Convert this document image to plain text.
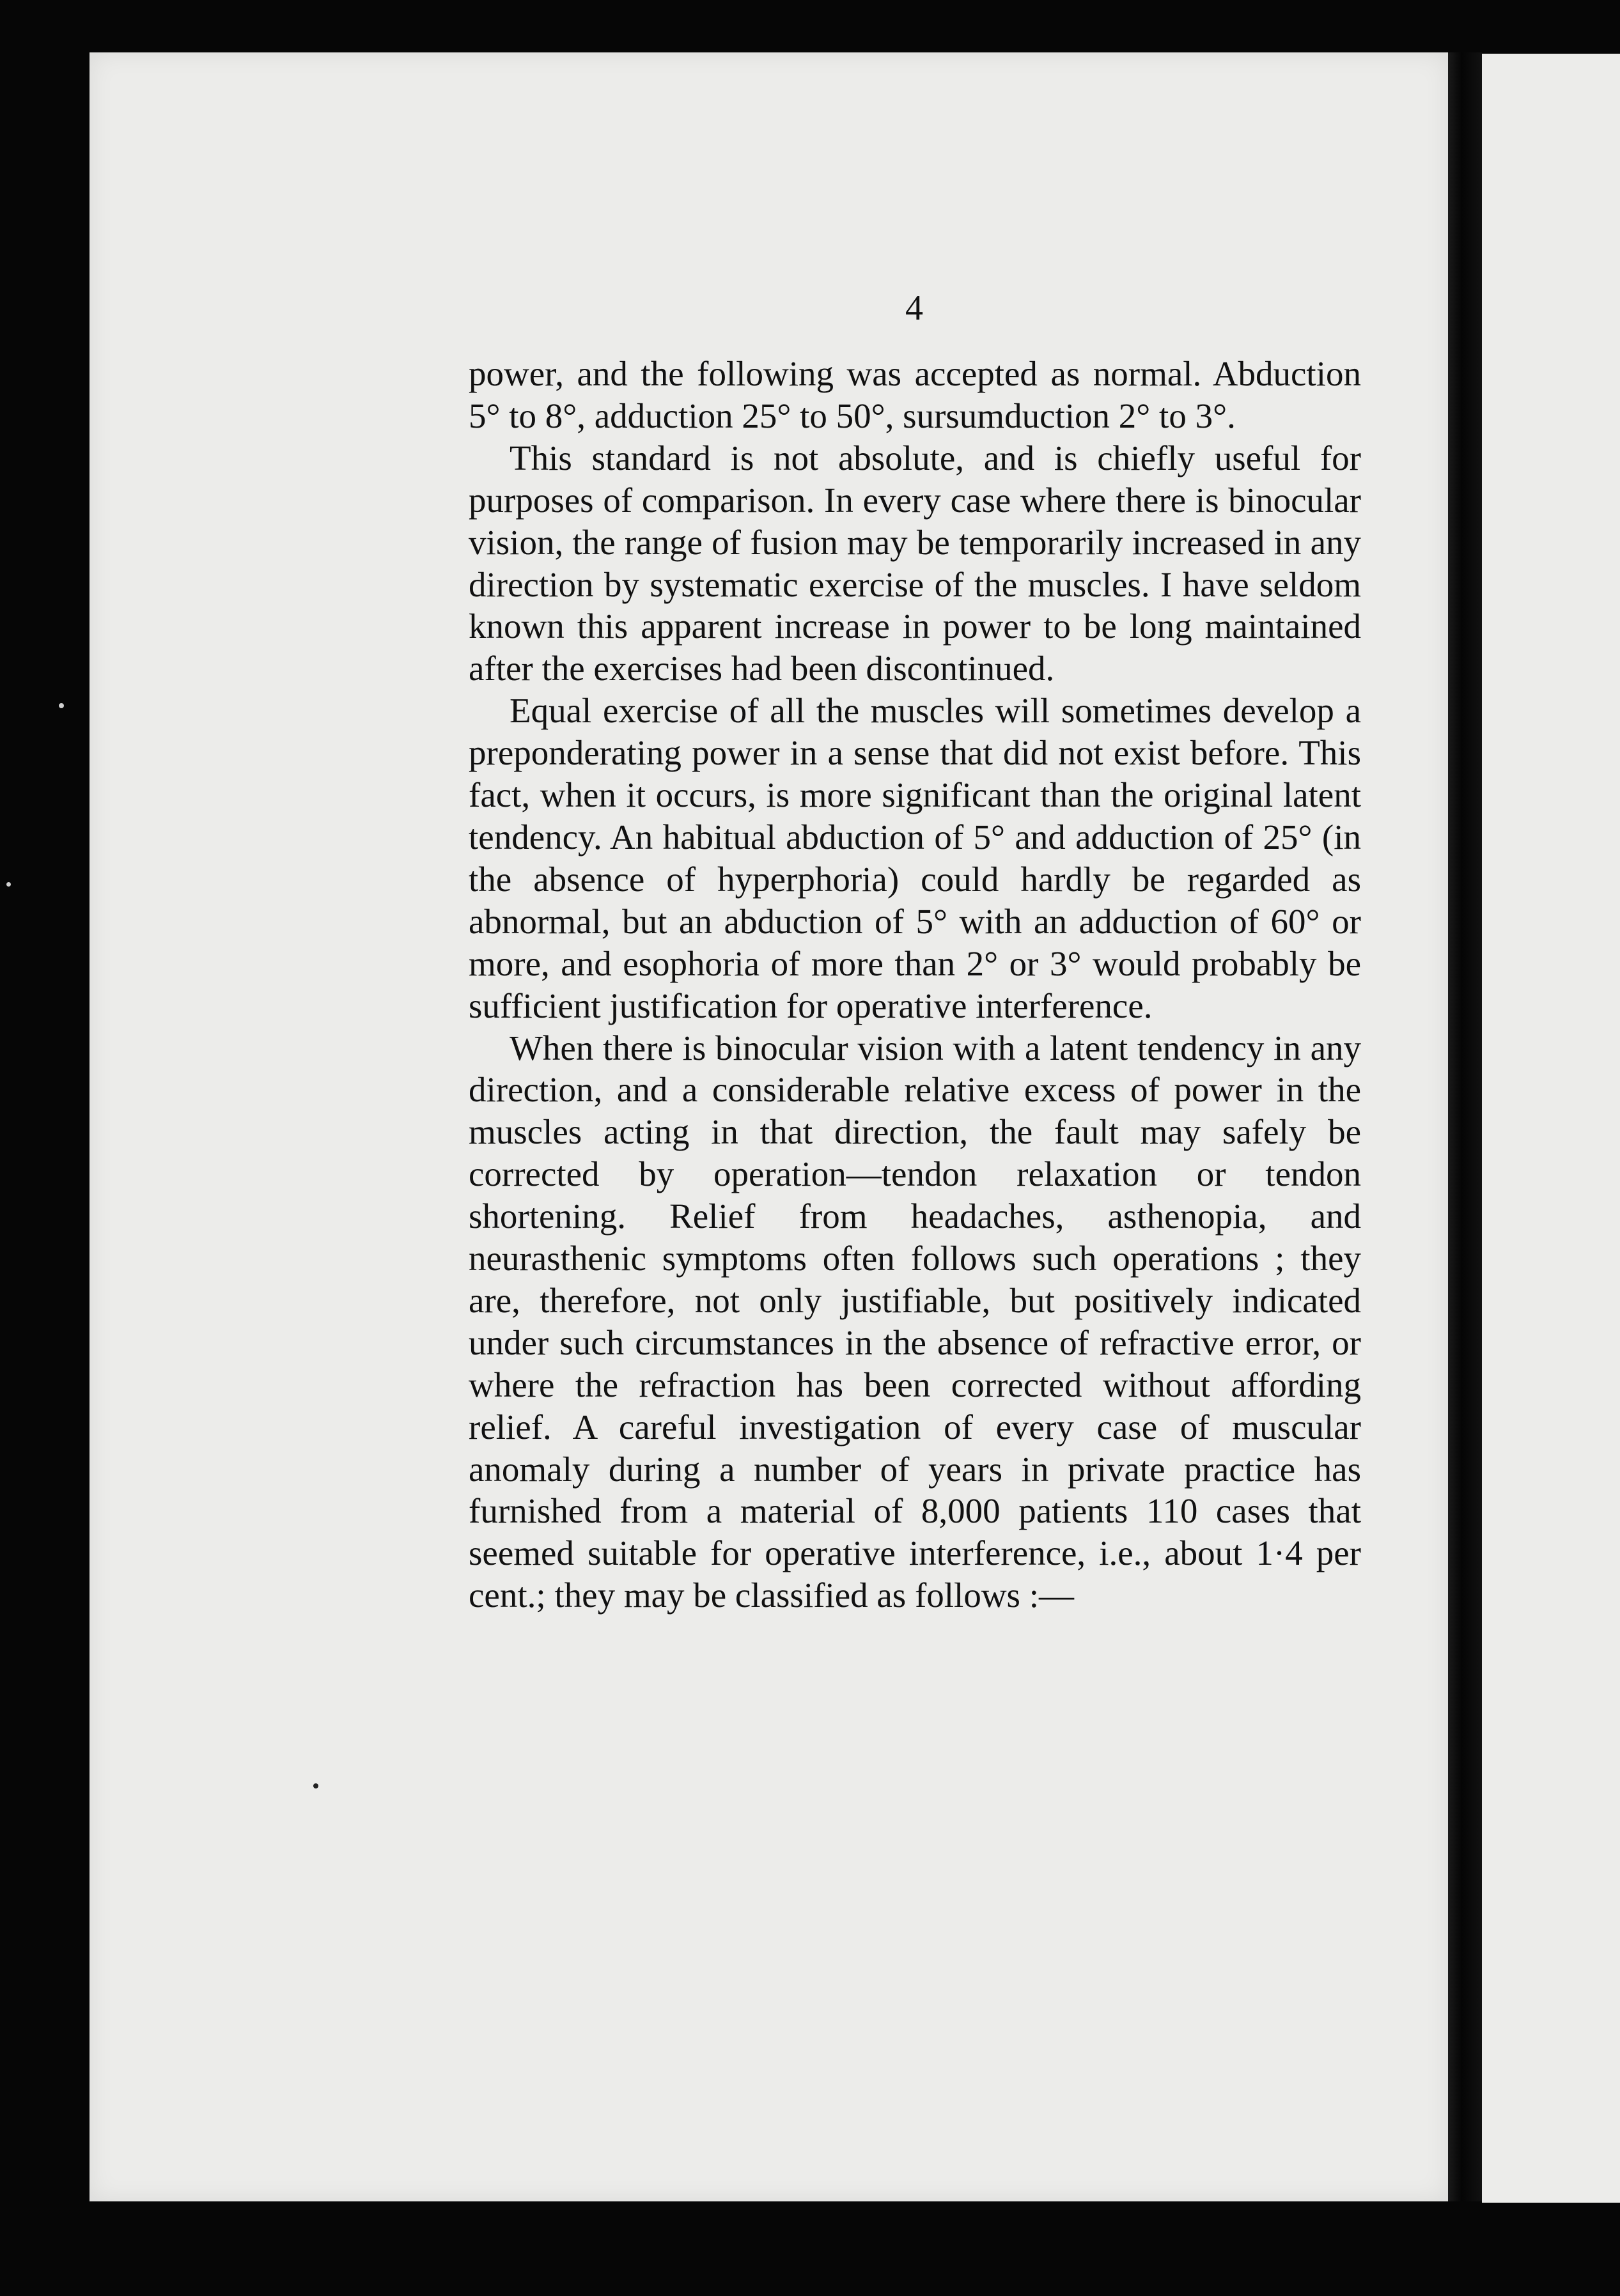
4

power, and the following was accepted as normal. Abduction 5° to 8°, adduction 25° to 50°, sursumduction 2° to 3°.

This standard is not absolute, and is chiefly useful for purposes of comparison. In every case where there is binocular vision, the range of fusion may be temporarily increased in any direction by systematic exercise of the muscles. I have seldom known this apparent increase in power to be long maintained after the exercises had been discontinued.

Equal exercise of all the muscles will sometimes develop a preponderating power in a sense that did not exist before. This fact, when it occurs, is more significant than the original latent tendency. An habitual abduction of 5° and adduction of 25° (in the absence of hyperphoria) could hardly be regarded as abnormal, but an abduction of 5° with an adduction of 60° or more, and esophoria of more than 2° or 3° would probably be sufficient justification for operative interference.

When there is binocular vision with a latent tendency in any direction, and a considerable relative excess of power in the muscles acting in that direction, the fault may safely be corrected by operation—tendon relaxation or tendon shortening. Relief from headaches, asthenopia, and neurasthenic symptoms often follows such operations ; they are, therefore, not only justifiable, but positively indicated under such circumstances in the absence of refractive error, or where the refraction has been corrected without affording relief. A careful investigation of every case of muscular anomaly during a number of years in private practice has furnished from a material of 8,000 patients 110 cases that seemed suitable for operative interference, i.e., about 1·4 per cent.; they may be classified as follows :—
